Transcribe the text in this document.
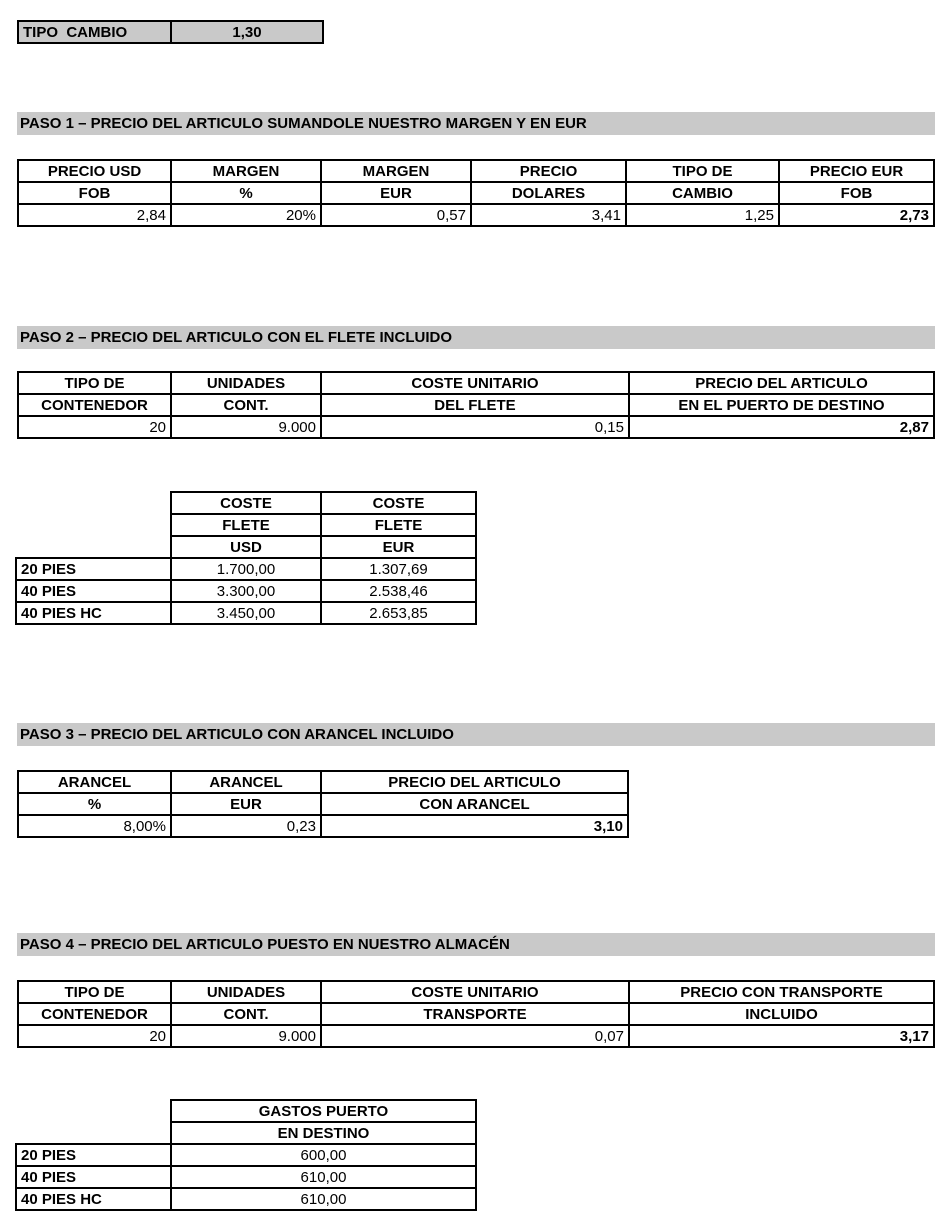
TIPO  CAMBIO	1,30
PASO 1 – PRECIO DEL ARTICULO SUMANDOLE NUESTRO MARGEN Y EN EUR
PRECIO USD	MARGEN	MARGEN	PRECIO	TIPO DE	PRECIO EUR
FOB	%	EUR	DOLARES	CAMBIO	FOB
2,84	20%	0,57	3,41	1,25	2,73
PASO 2 – PRECIO DEL ARTICULO CON EL FLETE INCLUIDO
TIPO DE	UNIDADES	COSTE UNITARIO	PRECIO DEL ARTICULO
CONTENEDOR	CONT.	DEL FLETE	EN EL PUERTO DE DESTINO
20	9.000	0,15	2,87
	COSTE	COSTE
	FLETE	FLETE
	USD	EUR
20 PIES	1.700,00	1.307,69
40 PIES	3.300,00	2.538,46
40 PIES HC	3.450,00	2.653,85
PASO 3 – PRECIO DEL ARTICULO CON ARANCEL INCLUIDO
ARANCEL	ARANCEL	PRECIO DEL ARTICULO
%	EUR	CON ARANCEL
8,00%	0,23	3,10
PASO 4 – PRECIO DEL ARTICULO PUESTO EN NUESTRO ALMACÉN
TIPO DE	UNIDADES	COSTE UNITARIO	PRECIO CON TRANSPORTE
CONTENEDOR	CONT.	TRANSPORTE	INCLUIDO
20	9.000	0,07	3,17
	GASTOS PUERTO
	EN DESTINO
20 PIES	600,00
40 PIES	610,00
40 PIES HC	610,00
